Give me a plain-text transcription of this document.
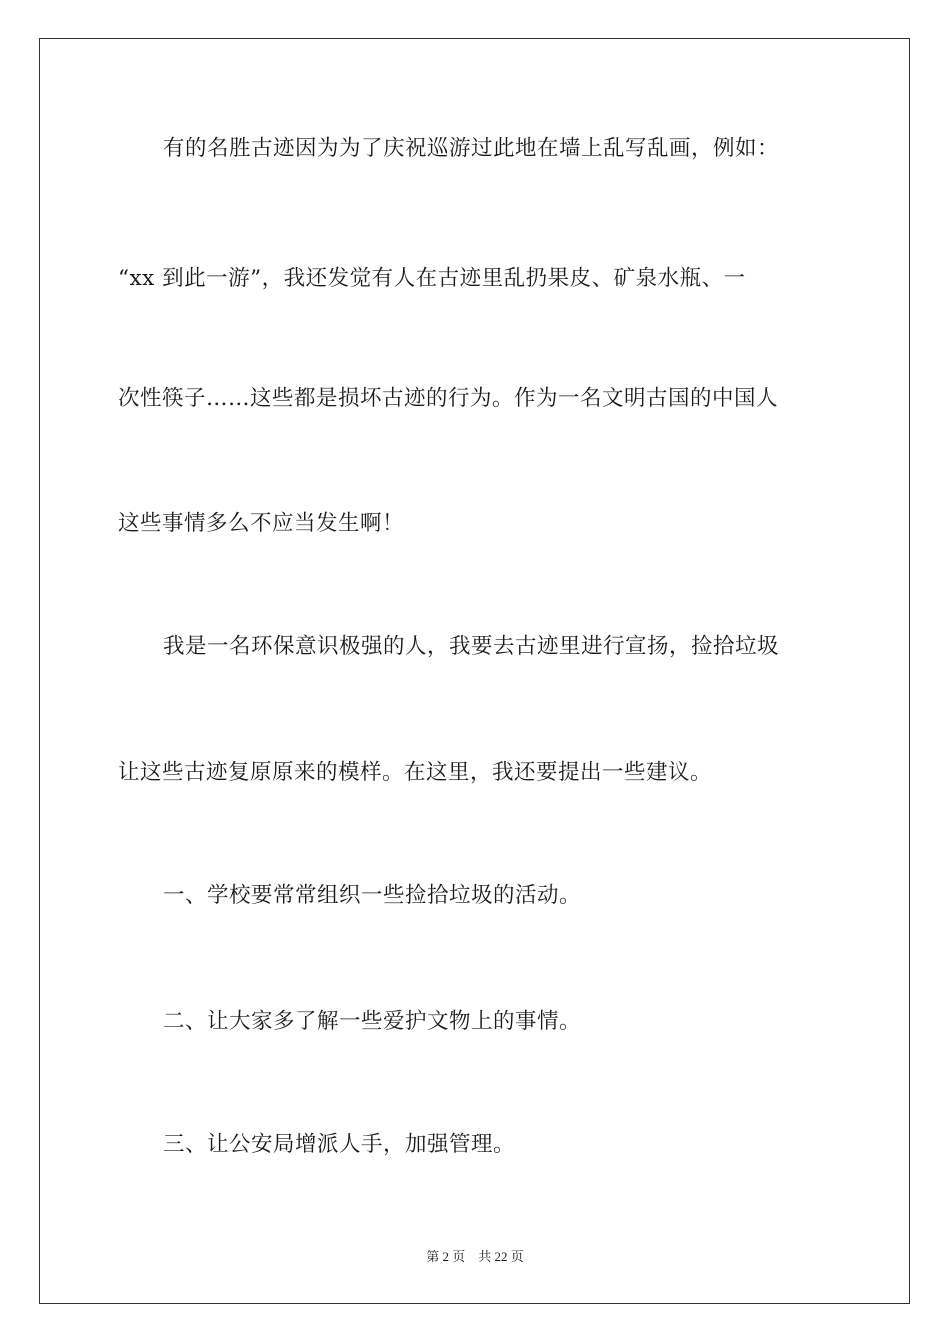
有的名胜古迹因为为了庆祝巡游过此地在墙上乱写乱画，例如：
“xx 到此一游”，我还发觉有人在古迹里乱扔果皮、矿泉水瓶、一
次性筷子……这些都是损坏古迹的行为。作为一名文明古国的中国人
这些事情多么不应当发生啊！
我是一名环保意识极强的人，我要去古迹里进行宣扬，捡拾垃圾
让这些古迹复原原来的模样。在这里，我还要提出一些建议。
一、学校要常常组织一些捡拾垃圾的活动。
二、让大家多了解一些爱护文物上的事情。
三、让公安局增派人手，加强管理。
第 2 页　共 22 页
